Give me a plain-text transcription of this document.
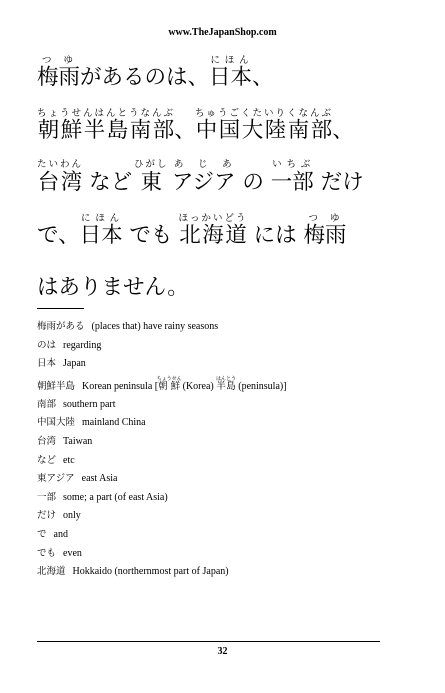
www.TheJapanShop.com
梅雨つゆがあるのは、日本にほん、
朝鮮半島南部ちょうせんはんとうなんぶ、中国大陸南部ちゅうごくたいりくなんぶ、
台湾たいわん など 東ひがし アジアあ じ あ の 一部いちぶ だけ
で、日本にほん でも 北海道ほっかいどう には 梅雨つゆ
はありません。
梅雨がある (places that) have rainy seasons
のは regarding
日本 Japan
朝鮮半島 Korean peninsula [朝鮮ちょうせん (Korea) 半島はんとう (peninsula)]
南部 southern part
中国大陸 mainland China
台湾 Taiwan
など etc
東アジア east Asia
一部 some; a part (of east Asia)
だけ only
で and
でも even
北海道 Hokkaido (northernmost part of Japan)
32
